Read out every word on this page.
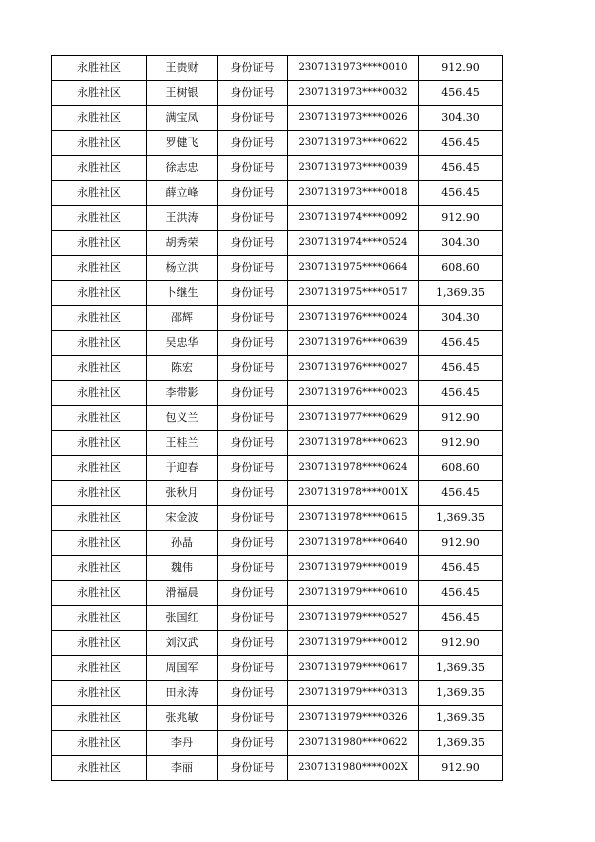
永胜社区	王贵财	身份证号	2307131973****0010	912.90
永胜社区	王树银	身份证号	2307131973****0032	456.45
永胜社区	满宝凤	身份证号	2307131973****0026	304.30
永胜社区	罗健飞	身份证号	2307131973****0622	456.45
永胜社区	徐志忠	身份证号	2307131973****0039	456.45
永胜社区	薛立峰	身份证号	2307131973****0018	456.45
永胜社区	王洪涛	身份证号	2307131974****0092	912.90
永胜社区	胡秀荣	身份证号	2307131974****0524	304.30
永胜社区	杨立洪	身份证号	2307131975****0664	608.60
永胜社区	卜继生	身份证号	2307131975****0517	1,369.35
永胜社区	邵辉	身份证号	2307131976****0024	304.30
永胜社区	吴忠华	身份证号	2307131976****0639	456.45
永胜社区	陈宏	身份证号	2307131976****0027	456.45
永胜社区	李带影	身份证号	2307131976****0023	456.45
永胜社区	包义兰	身份证号	2307131977****0629	912.90
永胜社区	王桂兰	身份证号	2307131978****0623	912.90
永胜社区	于迎春	身份证号	2307131978****0624	608.60
永胜社区	张秋月	身份证号	2307131978****001X	456.45
永胜社区	宋金波	身份证号	2307131978****0615	1,369.35
永胜社区	孙晶	身份证号	2307131978****0640	912.90
永胜社区	魏伟	身份证号	2307131979****0019	456.45
永胜社区	滑福晨	身份证号	2307131979****0610	456.45
永胜社区	张国红	身份证号	2307131979****0527	456.45
永胜社区	刘汉武	身份证号	2307131979****0012	912.90
永胜社区	周国军	身份证号	2307131979****0617	1,369.35
永胜社区	田永涛	身份证号	2307131979****0313	1,369.35
永胜社区	张兆敏	身份证号	2307131979****0326	1,369.35
永胜社区	李丹	身份证号	2307131980****0622	1,369.35
永胜社区	李丽	身份证号	2307131980****002X	912.90
